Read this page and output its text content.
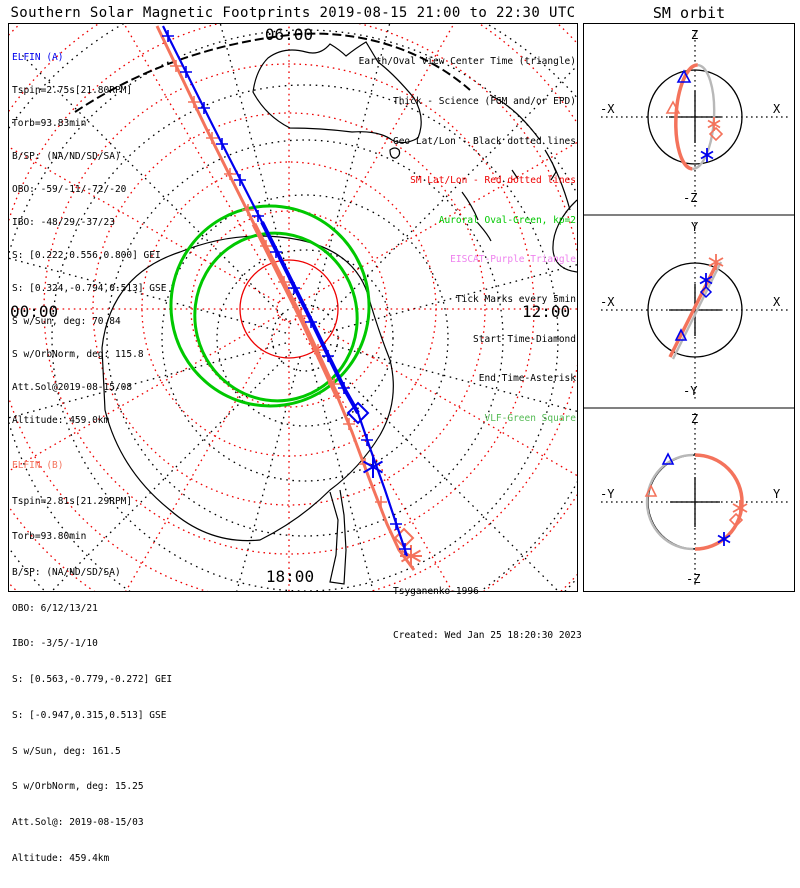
Southern Solar Magnetic Footprints 2019-08-15 21:00 to 22:30 UTC	SM orbit

ELFIN (A)

Tspin=2.75s[21.80RPM]

Torb=93.83min

B/SP: (NA/ND/SD/SA)

OBO: -59/-11/-72/-20

IBO: -48/29/-37/23

S: [0.222,0.556,0.800] GEI

S: [0.324,-0.794,0.513] GSE

S w/Sun, deg: 70.84

S w/OrbNorm, deg: 115.8

Att.Sol@2019-08-15/08

Altitude: 459.0km

ELFIN (B)

Tspin=2.81s[21.29RPM]

Torb=93.80min

B/SP: (NA/ND/SD/SA)

OBO: 6/12/13/21

IBO: -3/5/-1/10

S: [0.563,-0.779,-0.272] GEI

S: [-0.947,0.315,0.513] GSE

S w/Sun, deg: 161.5

S w/OrbNorm, deg: 15.25

Att.Sol@: 2019-08-15/03

Altitude: 459.4km

Earth/Oval View Center Time (triangle)

Thick - Science (FGM and/or EPD)

Geo Lat/Lon - Black dotted lines

SM Lat/Lon - Red dotted lines

Auroral Oval-Green, kp=2

EISCAT-Purple Triangle

Tick Marks every 5min

Start Time-Diamond

End Time-Asterisk

VLF-Green Square

00:00
06:00
12:00
18:00

Tsyganenko-1996

Created: Wed Jan 25 18:20:30 2023

Z
-Z
-X	X
Y
-Y
-X	X
Z
-Z
-Y	Y
